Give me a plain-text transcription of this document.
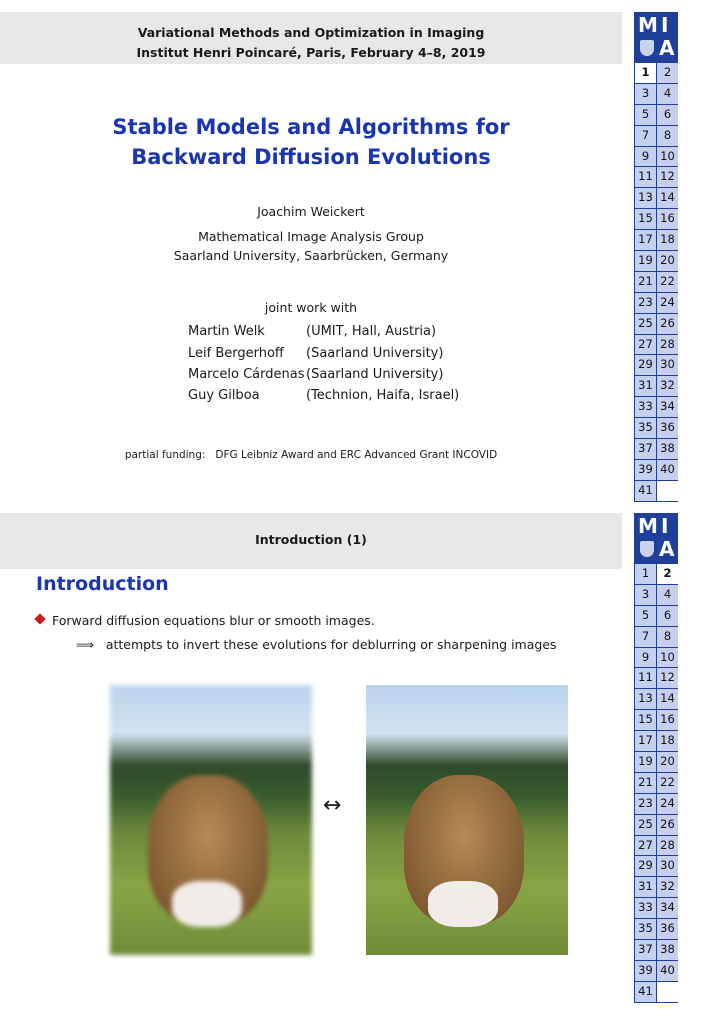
Variational Methods and Optimization in Imaging
Institut Henri Poincaré, Paris, February 4–8, 2019
M I
A
1	2
3	4
5	6
7	8
9 10
11 12
13 14
15 16
17 18
19 20
21 22
23 24
25 26
27 28
29 30
31 32
33 34
35 36
37 38
39 40
41
Stable Models and Algorithms for
Backward Diffusion Evolutions
Joachim Weickert
Mathematical Image Analysis Group
Saarland University, Saarbrücken, Germany
joint work with
Martin Welk	(UMIT, Hall, Austria)
Leif Bergerhoff (Saarland University)
Marcelo Cárdenas (Saarland University)
Guy Gilboa	(Technion, Haifa, Israel)
partial funding:   DFG Leibniz Award and ERC Advanced Grant INCOVID
Introduction (1)
M I
A
1	2
3	4
5	6
7	8
9 10
11 12
13 14
15 16
17 18
19 20
21 22
23 24
25 26
27 28
29 30
31 32
33 34
35 36
37 38
39 40
41
Introduction
Forward diffusion equations blur or smooth images.
⟹ attempts to invert these evolutions for deblurring or sharpening images
↔
